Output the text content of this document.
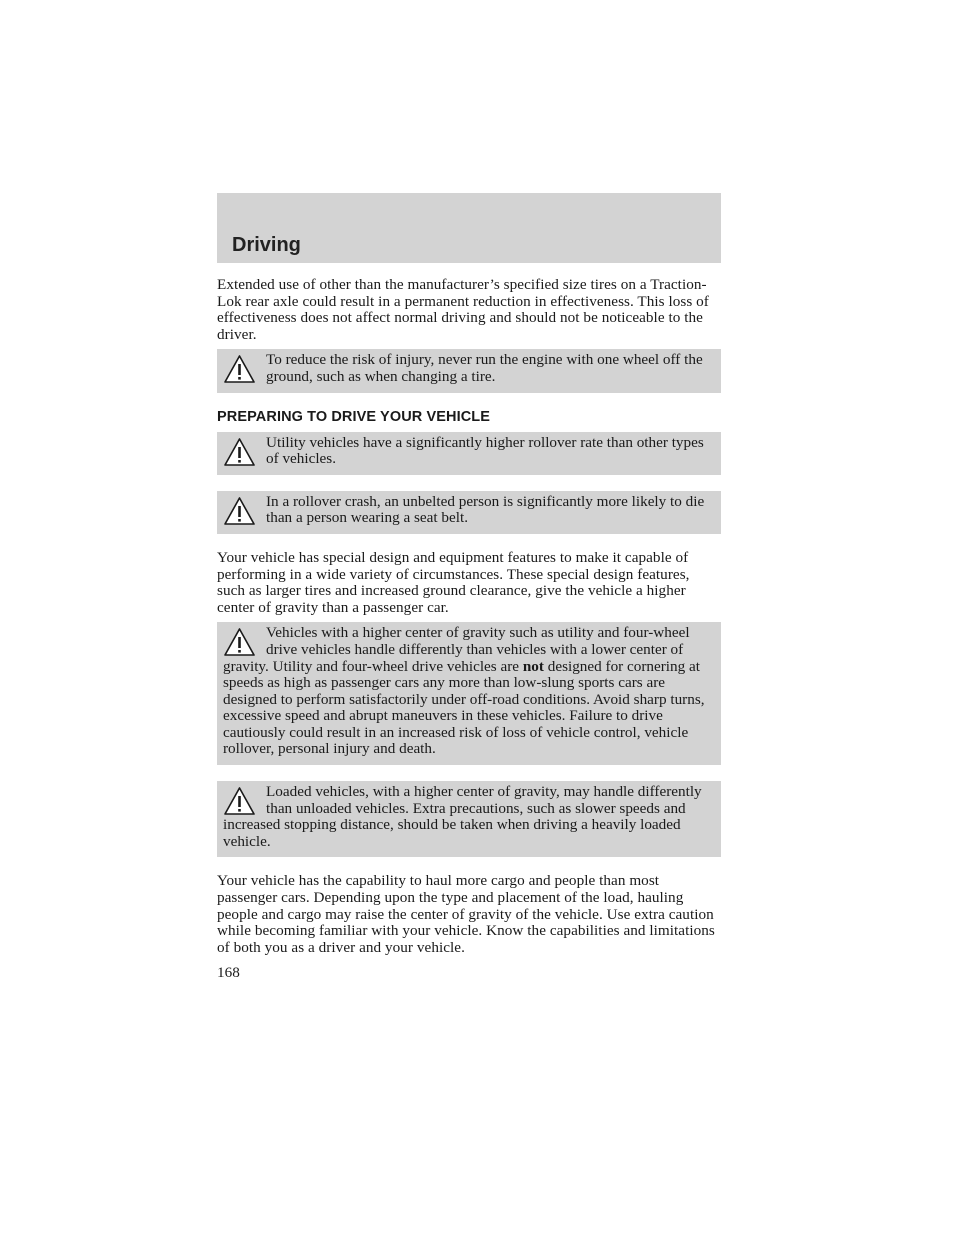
Driving

Extended use of other than the manufacturer’s specified size tires on a Traction-Lok rear axle could result in a permanent reduction in effectiveness. This loss of effectiveness does not affect normal driving and should not be noticeable to the driver.

To reduce the risk of injury, never run the engine with one wheel off the ground, such as when changing a tire.
PREPARING TO DRIVE YOUR VEHICLE
Utility vehicles have a significantly higher rollover rate than other types of vehicles.
In a rollover crash, an unbelted person is significantly more likely to die than a person wearing a seat belt.

Your vehicle has special design and equipment features to make it capable of performing in a wide variety of circumstances. These special design features, such as larger tires and increased ground clearance, give the vehicle a higher center of gravity than a passenger car.

Vehicles with a higher center of gravity such as utility and four-wheel drive vehicles handle differently than vehicles with a lower center of gravity. Utility and four-wheel drive vehicles are not designed for cornering at speeds as high as passenger cars any more than low-slung sports cars are designed to perform satisfactorily under off-road conditions. Avoid sharp turns, excessive speed and abrupt maneuvers in these vehicles. Failure to drive cautiously could result in an increased risk of loss of vehicle control, vehicle rollover, personal injury and death.
Loaded vehicles, with a higher center of gravity, may handle differently than unloaded vehicles. Extra precautions, such as slower speeds and increased stopping distance, should be taken when driving a heavily loaded vehicle.

Your vehicle has the capability to haul more cargo and people than most passenger cars. Depending upon the type and placement of the load, hauling people and cargo may raise the center of gravity of the vehicle. Use extra caution while becoming familiar with your vehicle. Know the capabilities and limitations of both you as a driver and your vehicle.

168
